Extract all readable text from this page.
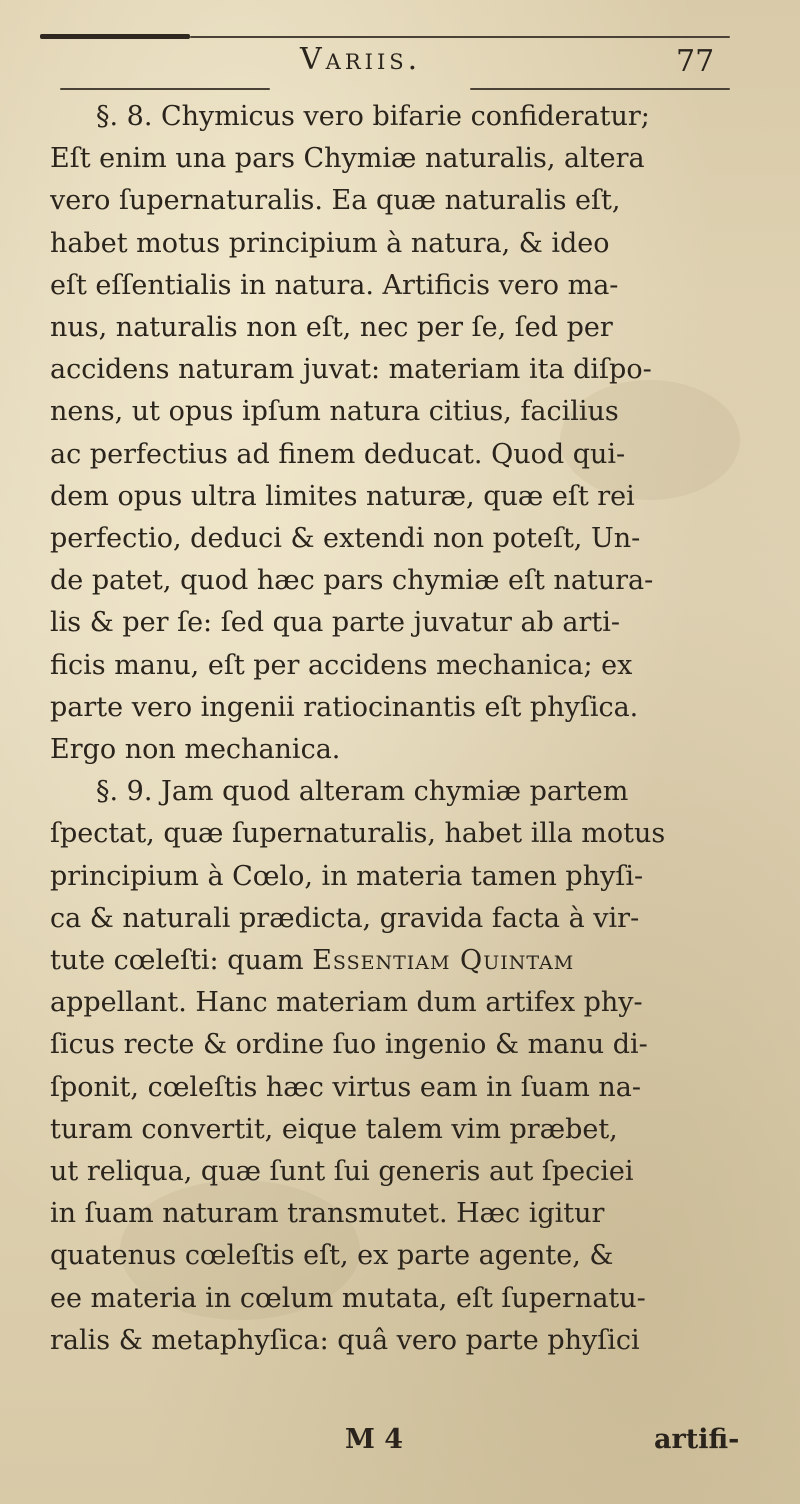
Variis.	77
§. 8. Chymicus vero bifarie confideratur;
Eſt enim una pars Chymiæ naturalis, altera
vero ſupernaturalis. Ea quæ naturalis eſt,
habet motus principium à natura, & ideo
eſt eſſentialis in natura. Artificis vero ma-
nus, naturalis non eſt, nec per ſe, ſed per
accidens naturam juvat: materiam ita diſpo-
nens, ut opus ipſum natura citius, facilius
ac perfectius ad finem deducat. Quod qui-
dem opus ultra limites naturæ, quæ eſt rei
perfectio, deduci & extendi non poteſt, Un-
de patet, quod hæc pars chymiæ eſt natura-
lis & per ſe: ſed qua parte juvatur ab arti-
ficis manu, eſt per accidens mechanica; ex
parte vero ingenii ratiocinantis eſt phyſica.
Ergo non mechanica.
§. 9. Jam quod alteram chymiæ partem
ſpectat, quæ ſupernaturalis, habet illa motus
principium à Cœlo, in materia tamen phyſi-
ca & naturali prædicta, gravida facta à vir-
tute cœleſti: quam Essentiam Quintam
appellant. Hanc materiam dum artifex phy-
ſicus recte & ordine ſuo ingenio & manu di-
ſponit, cœleſtis hæc virtus eam in ſuam na-
turam convertit, eique talem vim præbet,
ut reliqua, quæ ſunt ſui generis aut ſpeciei
in ſuam naturam transmutet. Hæc igitur
quatenus cœleſtis eſt, ex parte agente, &
ee materia in cœlum mutata, eſt ſupernatu-
ralis & metaphyſica: quâ vero parte phyſici
M 4	artifi-
